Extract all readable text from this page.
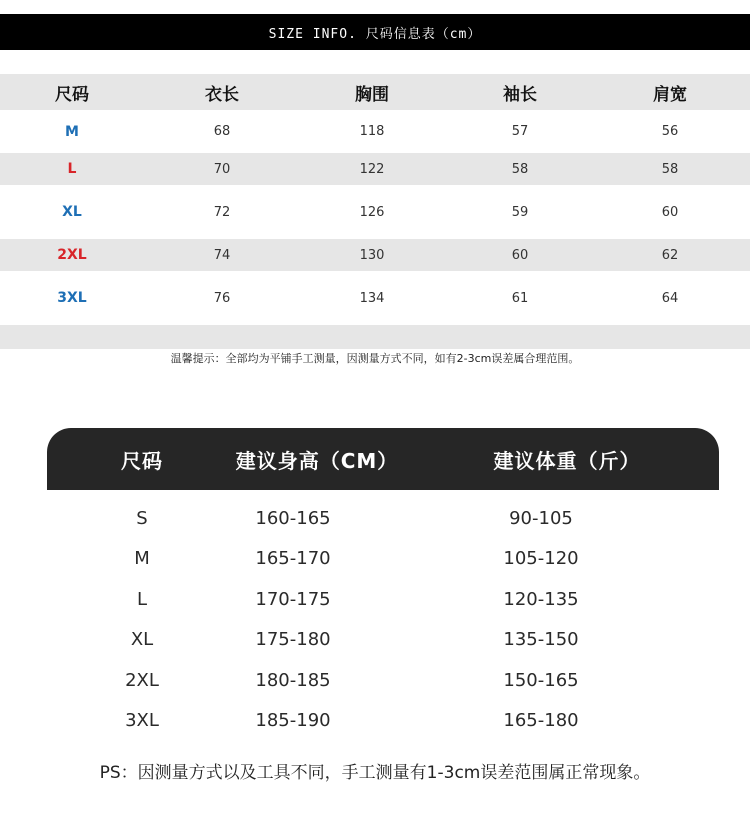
SIZE INFO. 尺码信息表（cm）
尺码	衣长	胸围	袖长	肩宽
M	68	118	57	56
L	70	122	58	58
XL	72	126	59	60
2XL	74	130	60	62
3XL	76	134	61	64
温馨提示：全部均为平铺手工测量，因测量方式不同，如有2-3cm误差属合理范围。
尺码	建议身高（CM）	建议体重（斤）
S	160-165	90-105
M	165-170	105-120
L	170-175	120-135
XL	175-180	135-150
2XL	180-185	150-165
3XL	185-190	165-180
PS：因测量方式以及工具不同，手工测量有1-3cm误差范围属正常现象。
